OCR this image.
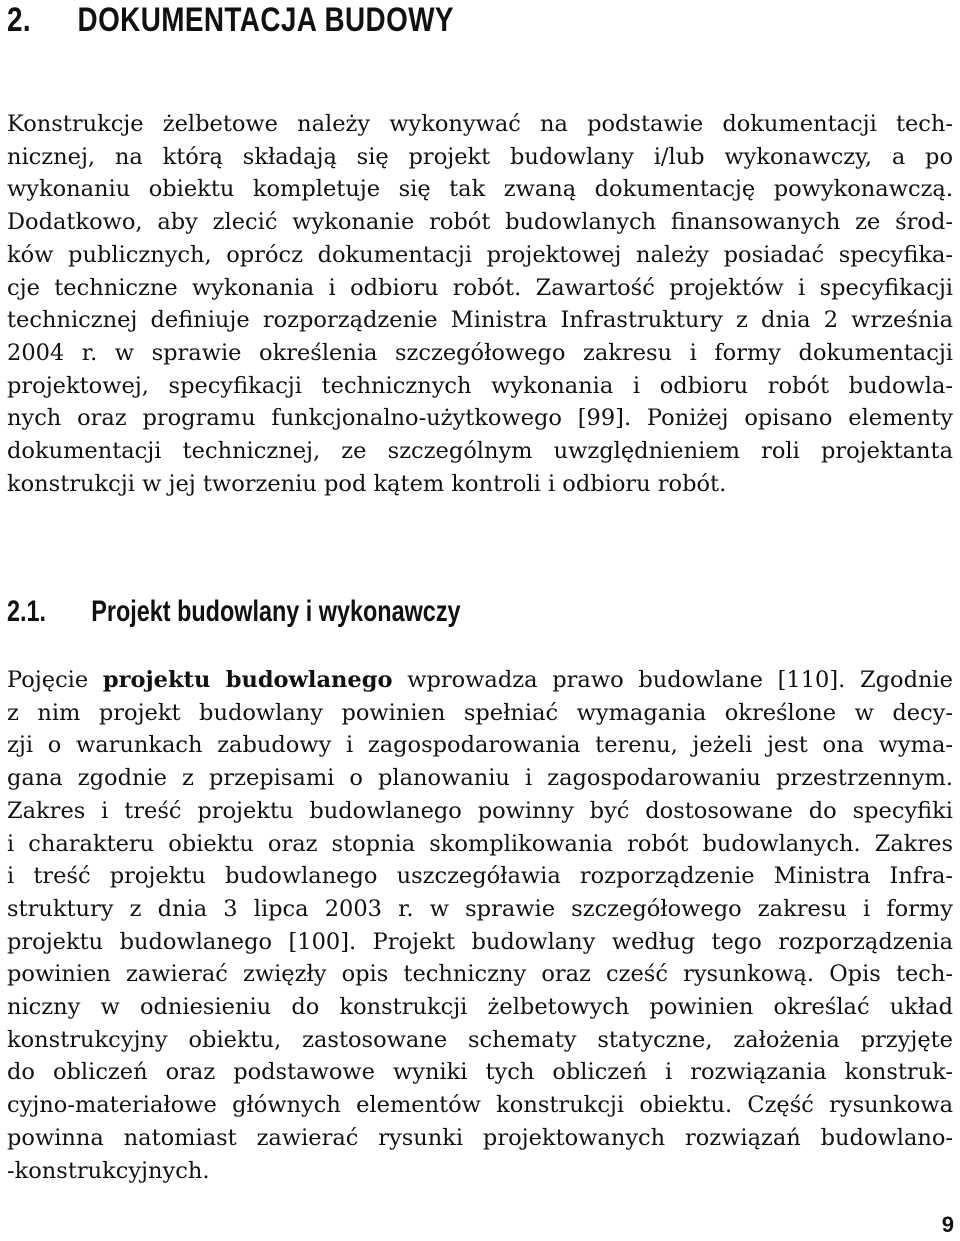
2. DOKUMENTACJA BUDOWY
Konstrukcje żelbetowe należy wykonywać na podstawie dokumentacji tech-
nicznej, na którą składają się projekt budowlany i/lub wykonawczy, a po
wykonaniu obiektu kompletuje się tak zwaną dokumentację powykonawczą.
Dodatkowo, aby zlecić wykonanie robót budowlanych finansowanych ze środ-
ków publicznych, oprócz dokumentacji projektowej należy posiadać specyfika-
cje techniczne wykonania i odbioru robót. Zawartość projektów i specyfikacji
technicznej definiuje rozporządzenie Ministra Infrastruktury z dnia 2 września
2004 r. w sprawie określenia szczegółowego zakresu i formy dokumentacji
projektowej, specyfikacji technicznych wykonania i odbioru robót budowla-
nych oraz programu funkcjonalno-użytkowego [99]. Poniżej opisano elementy
dokumentacji technicznej, ze szczególnym uwzględnieniem roli projektanta
konstrukcji w jej tworzeniu pod kątem kontroli i odbioru robót.
2.1. Projekt budowlany i wykonawczy
Pojęcie projektu budowlanego wprowadza prawo budowlane [110]. Zgodnie
z nim projekt budowlany powinien spełniać wymagania określone w decy-
zji o warunkach zabudowy i zagospodarowania terenu, jeżeli jest ona wyma-
gana zgodnie z przepisami o planowaniu i zagospodarowaniu przestrzennym.
Zakres i treść projektu budowlanego powinny być dostosowane do specyfiki
i charakteru obiektu oraz stopnia skomplikowania robót budowlanych. Zakres
i treść projektu budowlanego uszczegóławia rozporządzenie Ministra Infra-
struktury z dnia 3 lipca 2003 r. w sprawie szczegółowego zakresu i formy
projektu budowlanego [100]. Projekt budowlany według tego rozporządzenia
powinien zawierać zwięzły opis techniczny oraz cześć rysunkową. Opis tech-
niczny w odniesieniu do konstrukcji żelbetowych powinien określać układ
konstrukcyjny obiektu, zastosowane schematy statyczne, założenia przyjęte
do obliczeń oraz podstawowe wyniki tych obliczeń i rozwiązania konstruk-
cyjno-materiałowe głównych elementów konstrukcji obiektu. Część rysunkowa
powinna natomiast zawierać rysunki projektowanych rozwiązań budowlano-
-konstrukcyjnych.
9
